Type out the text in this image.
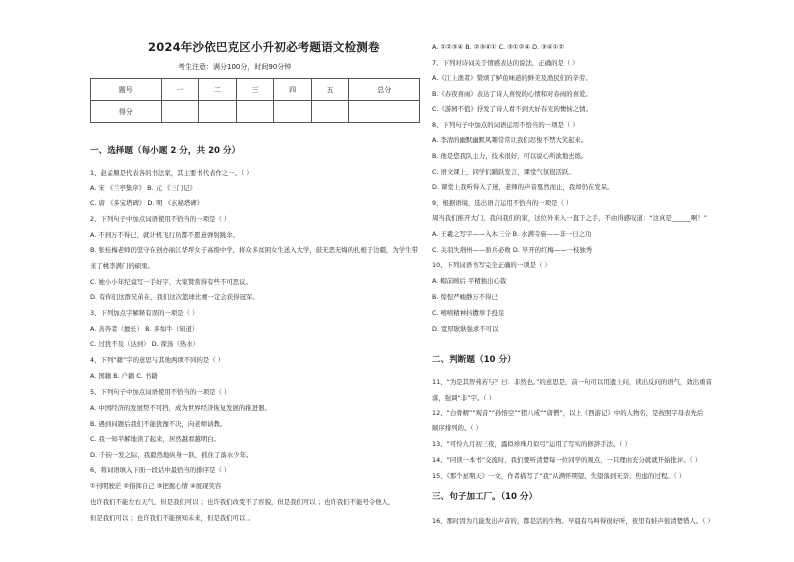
2024年沙依巴克区小升初必考题语文检测卷
考生注意：满分100分，时间90分钟
题号	一	二	三	四	五	总分
得分						
一、选择题（每小题 2 分，共 20 分）
1、赵孟頫是代表各的书法家，其主要书代表作之一。（ ）
A. 宋 《兰亭集序》 B. 元 《三门记》
C. 唐 《多宝塔碑》 D. 明 《玄秘塔碑》
2、下列句子中加点词语使用不恰当的一项是（ ）
A. 不到万不得已，就计机飞行员都不愿意弹射跳伞。
B. 张桂梅老师仍坚守在创办丽江华坪女子高级中学，将众多贫困女生送入大学，鼓无恶无悔的扎根于边疆，为学生带
来了桃李满门的硕果。
C. 她小小年纪竟写一手好字，大家赞赏得有些不可思议。
D. 有你们这群兄弟在，我们这次篮球比赛一定会获得冠军。
3、下列加点字解释有误的一项是（ ）
A. 善奔者（擅长） B. 多如牛（知道）
C. 过犹不及（达到） D. 探汤（热水）
4、下列“籍”字的意思与其他两项不同的是（ ）
A. 国籍 B. 户籍 C. 书籍
5、下列句子中加点词语使用不恰当的一项是（ ）
A. 中国经济的发展势不可挡，成为世界经济恢复发展的推进器。
B. 遇到问题后我们不能犹豫不决，向老师请教。
C. 我一知半解地读了起来，居然越看越明白。
D. 千钧一发之际，我毅然地纵身一跃，抓住了落水少年。
6、将词语填入下面一段话中最恰当的排序是（ ）
①刊明驶茫 ②指挥自己 ③把握心情 ④展现笑容
也许我们不能左右天气，但是我们可以 ；也许我们改变不了容貌，但是我们可以 ；也许我们不能号令他人，
但是我们可以 ；也许我们不能预知未来，但是我们可以 。
A. ①②③④ B. ②③④① C. ③①②④ D. ③④①②
7、下列对诗词关于情感表达的说法，正确的是（ ）
A.《江上渔者》赞颂了鲈鱼味道的鲜美及渔民们的辛劳。
B.《春夜喜雨》表达了诗人喜悦的心情和对春雨的喜爱。
C.《游园不值》抒发了诗人看不到大好春光的懊恼之情。
8、下列句子中加点的词语运用不恰当的一项是（ ）
A. 李清的幽默幽默风趣常常让我们忍俊不禁大笑起来。
B. 他是您我队主力，技术很好，可以说心所欲地去练。
C. 语文课上，同学们踊跃发言，课堂气氛很活跃。
D. 课堂上我听得入了迷，老师的声音戛然而止，我却仍在发呆。
9、根据语境，选出语言运用不恰当的一项是（ ）
周当我们推开大门，我问我们的家，这位外来人一直于之手，不由得感叹道：“这真是______啊！”
A. 王羲之写字——入木三分 B. 水满寺庙——非一日之功
C. 关羽失荆州——骄兵必败 D. 早开的红梅——一枝独秀
10、下列词语书写完全正确的一项是（ ）
A. 帽前顾后 平精独出心裁
B. 惊惶严峻静万不得已
C. 嘻嘻精神抖擞举手投足
D. 宽厚耿耿强求不可以
二、判断题（10 分）
11、“为是其智弗若与？曰：非然也。”的意思是，前一句可以用遗上问，读出反问的语气，效出重音
落，强调“非”字。（ ）
12、“白骨精”“观音”“孙悟空”“猪八戒”“唐僧”，以上《西游记》中的人物名，是按照字母表先后
顺序排列的。（ ）
13、“可怜九月初三夜，露似珍珠月似弓”运用了写实的修辞手法。（ ）
14、“同读一本书”交流时，我们要听清楚每一位同学的观点，一只理由充分就就开始批评。（ ）
15、《那个星期天》一文，作者描写了“我”从满怀期望、失望落到无奈、焦虑的过程。（ ）
三、句子加工厂。（10 分）
16、那时因为几能发出声音的，都是活的生物。早晨有鸟叫得很好听，夜里有蛙声很清楚惜人。（ ）
